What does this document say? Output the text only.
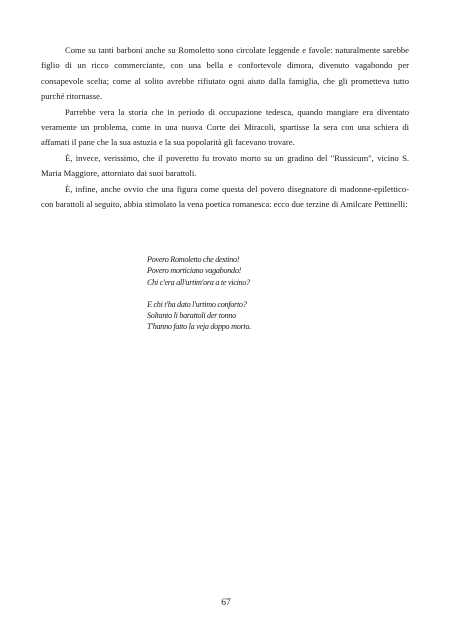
Come su tanti barboni anche su Romoletto sono circolate leggende e favole: naturalmente sarebbe figlio di un ricco commerciante, con una bella e confortevole dimora, divenuto vagabondo per consapevole scelta; come al solito avrebbe rifiutato ogni aiuto dalla famiglia, che gli prometteva tutto purché ritornasse.

Parrebbe vera la storia che in periodo di occupazione tedesca, quando mangiare era diventato veramente un problema, come in una nuova Corte dei Miracoli, spartisse la sera con una schiera di affamati il pane che la sua astuzia e la sua popolarità gli facevano trovare.

È, invece, verissimo, che il poveretto fu trovato morto su un gradino del "Russicum", vicino S. Maria Maggiore, attorniato dai suoi barattoli.

È, infine, anche ovvio che una figura come questa del povero disegnatore di madonne-epilettico-con barattoli al seguito, abbia stimolato la vena poetica romanesca: ecco due terzine di Amilcare Pettinelli:

Povero Romoletto che destino!
Povero morticiano vagabondo!
Chi c'era all'urtim'ora a te vicino?
E chi t'ha dato l'urtimo conforto?
Soltanto li barattoli der tonno
T'hanno fatto la veja doppo morto.
67
